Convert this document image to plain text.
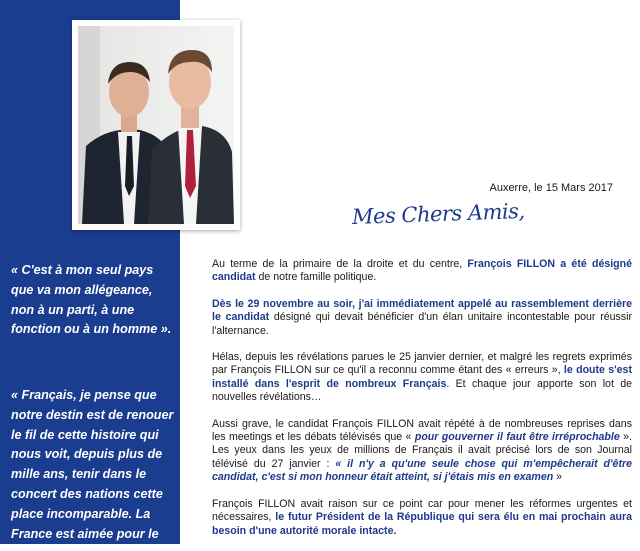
« C'est à mon seul pays que va mon allégeance, non à un parti, à une fonction ou à un homme ».
« Français, je pense que notre destin est de renouer le fil de cette histoire qui nous voit, depuis plus de mille ans, tenir dans le concert des nations cette place incomparable. La France est aimée pour le
Auxerre, le 15 Mars 2017
Mes Chers Amis,

Au terme de la primaire de la droite et du centre, François FILLON a été désigné candidat de notre famille politique.

Dès le 29 novembre au soir, j'ai immédiatement appelé au rassemblement derrière le candidat désigné qui devait bénéficier d'un élan unitaire incontestable pour réussir l'alternance.

Hélas, depuis les révélations parues le 25 janvier dernier, et malgré les regrets exprimés par François FILLON sur ce qu'il a reconnu comme étant des « erreurs », le doute s'est installé dans l'esprit de nombreux Français. Et chaque jour apporte son lot de nouvelles révélations…

Aussi grave, le candidat François FILLON avait répété à de nombreuses reprises dans les meetings et les débats télévisés que « pour gouverner il faut être irréprochable ». Les yeux dans les yeux de millions de Français il avait précisé lors de son Journal télévisé du 27 janvier : « il n'y a qu'une seule chose qui m'empêcherait d'être candidat, c'est si mon honneur était atteint, si j'étais mis en examen »

François FILLON avait raison sur ce point car pour mener les réformes urgentes et nécessaires, le futur Président de la République qui sera élu en mai prochain aura besoin d'une autorité morale intacte.
